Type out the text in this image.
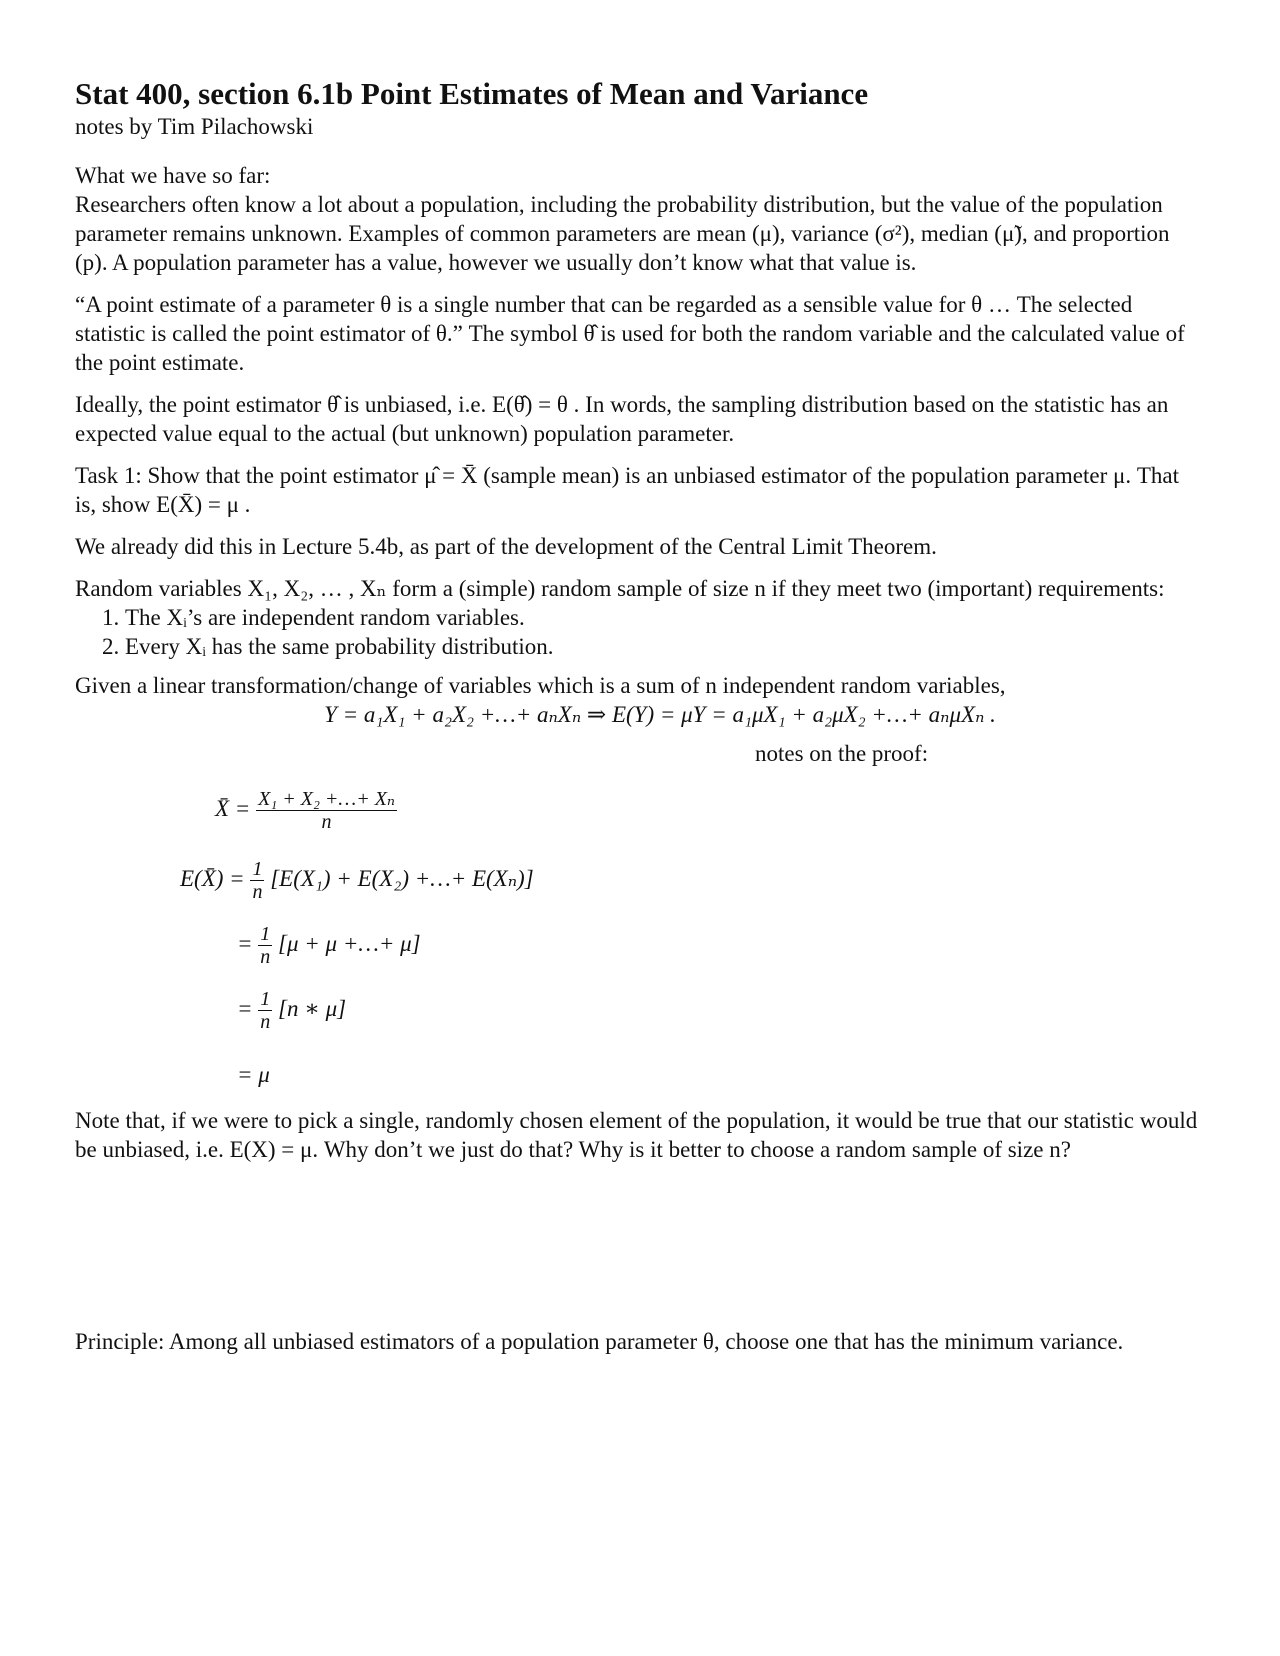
Stat 400, section 6.1b Point Estimates of Mean and Variance
notes by Tim Pilachowski
What we have so far:

Researchers often know a lot about a population, including the probability distribution, but the value of the population parameter remains unknown. Examples of common parameters are mean (μ), variance (σ²), median (μ̃), and proportion (p). A population parameter has a value, however we usually don’t know what that value is.

“A point estimate of a parameter θ is a single number that can be regarded as a sensible value for θ … The selected statistic is called the point estimator of θ.” The symbol θ̂ is used for both the random variable and the calculated value of the point estimate.

Ideally, the point estimator θ̂ is unbiased, i.e. E(θ̂) = θ . In words, the sampling distribution based on the statistic has an expected value equal to the actual (but unknown) population parameter.

Task 1: Show that the point estimator μ̂ = X̄ (sample mean) is an unbiased estimator of the population parameter μ. That is, show E(X̄) = μ .

We already did this in Lecture 5.4b, as part of the development of the Central Limit Theorem.

Random variables X₁, X₂, … , Xₙ form a (simple) random sample of size n if they meet two (important) requirements:
1. The Xᵢ’s are independent random variables.
2. Every Xᵢ has the same probability distribution.
Given a linear transformation/change of variables which is a sum of n independent random variables,
Y = a₁X₁ + a₂X₂ +…+ aₙXₙ ⇒ E(Y) = μY = a₁μX₁ + a₂μX₂ +…+ aₙμXₙ .
notes on the proof:
X̄ = $\frac{\text{X₁ + X₂ +…+ Xₙ}}{n}$
E(X̄) = $\frac{1}{n} [E(X_1) + E(X_2)$ +…+ E(Xₙ)]
= $\frac{1}{n} [\mu + \mu$ +…+ μ]
= $\frac{1}{n} [n$ ∗ μ]
= μ

Note that, if we were to pick a single, randomly chosen element of the population, it would be true that our statistic would be unbiased, i.e. E(X) = μ. Why don’t we just do that? Why is it better to choose a random sample of size n?

Principle: Among all unbiased estimators of a population parameter θ, choose one that has the minimum variance.
